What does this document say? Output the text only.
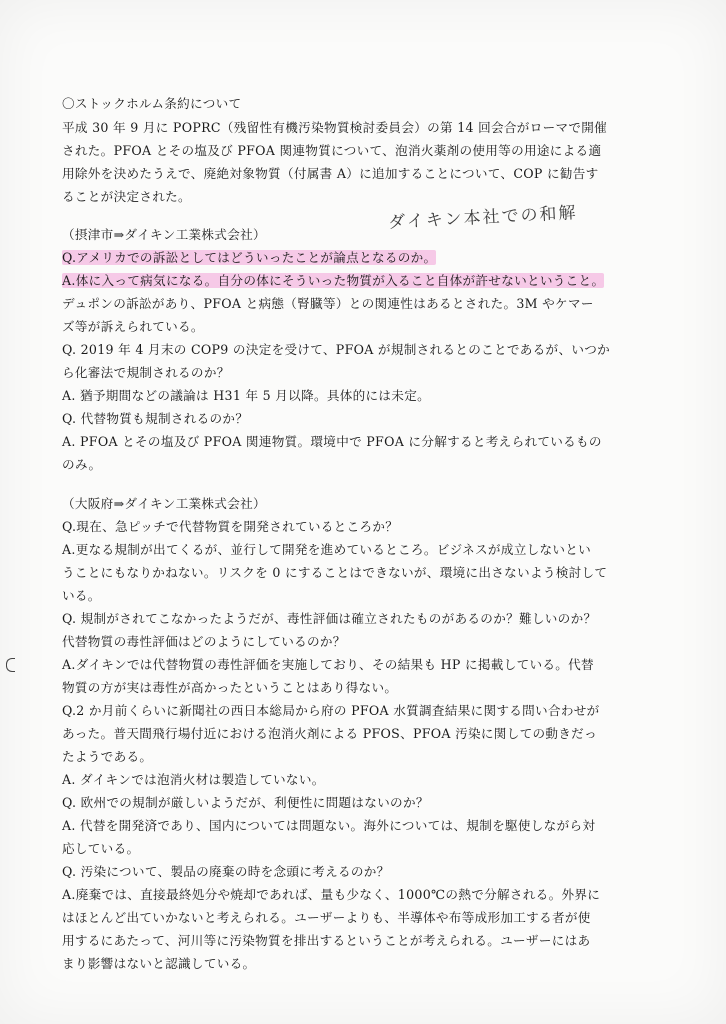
〇ストックホルム条約について
平成 30 年 9 月に POPRC（残留性有機汚染物質検討委員会）の第 14 回会合がローマで開催
された。PFOA とその塩及び PFOA 関連物質について、泡消火薬剤の使用等の用途による適
用除外を決めたうえで、廃絶対象物質（付属書 A）に追加することについて、COP に勧告す
ることが決定された。
ダイキン本社での和解
（摂津市⇒ダイキン工業株式会社）
Q.アメリカでの訴訟としてはどういったことが論点となるのか。
A.体に入って病気になる。自分の体にそういった物質が入ること自体が許せないということ。
デュポンの訴訟があり、PFOA と病態（腎臓等）との関連性はあるとされた。3M やケマー
ズ等が訴えられている。
Q. 2019 年 4 月末の COP9 の決定を受けて、PFOA が規制されるとのことであるが、いつか
ら化審法で規制されるのか？
A. 猶予期間などの議論は H31 年 5 月以降。具体的には未定。
Q. 代替物質も規制されるのか？
A. PFOA とその塩及び PFOA 関連物質。環境中で PFOA に分解すると考えられているもの
のみ。
（大阪府⇒ダイキン工業株式会社）
Q.現在、急ピッチで代替物質を開発されているところか？
A.更なる規制が出てくるが、並行して開発を進めているところ。ビジネスが成立しないとい
うことにもなりかねない。リスクを 0 にすることはできないが、環境に出さないよう検討して
いる。
Q. 規制がされてこなかったようだが、毒性評価は確立されたものがあるのか？難しいのか？
代替物質の毒性評価はどのようにしているのか？
A.ダイキンでは代替物質の毒性評価を実施しており、その結果も HP に掲載している。代替
物質の方が実は毒性が高かったということはあり得ない。
Q.2 か月前くらいに新聞社の西日本総局から府の PFOA 水質調査結果に関する問い合わせが
あった。普天間飛行場付近における泡消火剤による PFOS、PFOA 汚染に関しての動きだっ
たようである。
A. ダイキンでは泡消火材は製造していない。
Q. 欧州での規制が厳しいようだが、利便性に問題はないのか？
A. 代替を開発済であり、国内については問題ない。海外については、規制を駆使しながら対
応している。
Q. 汚染について、製品の廃棄の時を念頭に考えるのか？
A.廃棄では、直接最終処分や焼却であれば、量も少なく、1000℃の熱で分解される。外界に
はほとんど出ていかないと考えられる。ユーザーよりも、半導体や布等成形加工する者が使
用するにあたって、河川等に汚染物質を排出するということが考えられる。ユーザーにはあ
まり影響はないと認識している。
